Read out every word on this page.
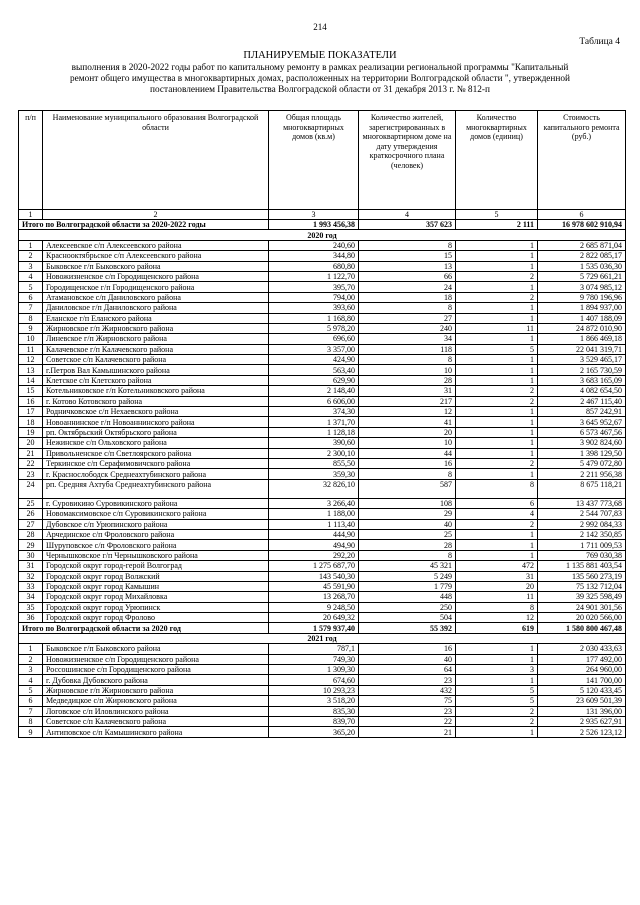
214
Таблица 4
ПЛАНИРУЕМЫЕ ПОКАЗАТЕЛИ
выполнения в 2020-2022 годы работ по капитальному ремонту в рамках реализации региональной программы "Капитальный
ремонт общего имущества в многоквартирных домах, расположенных на территории Волгоградской области ", утвержденной
постановлением Правительства Волгоградской области от 31 декабря 2013 г. № 812-п
п/п	Наименование муниципального образования Волгоградской области	Общая площадь многоквартирных домов (кв.м)	Количество жителей, зарегистрированных в многоквартирном доме на дату утверждения краткосрочного плана (человек)	Количество многоквартирных домов (единиц)	Стоимость капитального ремонта (руб.)
1	2	3	4	5	6
Итого по Волгоградской области за 2020-2022 годы		1 993 456,38	357 623	2 111	16 978 602 910,94
2020 год					
1	Алексеевское с/п Алексеевского района	240,60	8	1	2 685 871,04
2	Краснооктябрьское с/п Алексеевского района	344,80	15	1	2 822 085,17
3	Быковское г/п Быковского района	680,80	13	1	1 535 036,30
4	Новожизненское с/п Городищенского района	1 122,70	66	2	5 729 661,21
5	Городищенское г/п Городищенского района	395,70	24	1	3 074 985,12
6	Атамановское с/п Даниловского района	794,00	18	2	9 780 196,96
7	Даниловское г/п Даниловского района	393,60	8	1	1 894 937,00
8	Еланское г/п Еланского района	1 168,80	27	1	1 407 188,09
9	Жирновское г/п Жирновского района	5 978,20	240	11	24 872 010,90
10	Линевское г/п Жирновского района	696,60	34	1	1 866 469,18
11	Калачевское г/п Калачевского района	3 357,00	118	5	22 041 319,71
12	Советское с/п Калачевского района	424,90	8	1	3 529 465,17
13	г.Петров Вал Камышинского района	563,40	10	1	2 165 730,59
14	Клетское с/п Клетского района	629,90	28	1	3 683 165,09
15	Котельниковское г/п Котельниковского района	2 148,40	31	2	4 082 654,50
16	г. Котово Котовского района	6 606,00	217	2	2 467 115,40
17	Родничковское с/п Нехаевского района	374,30	12	1	857 242,91
18	Новоаннинское г/п Новоаннинского района	1 371,70	41	1	3 645 952,67
19	рп. Октябрьский Октябрьского района	1 128,18	20	1	6 573 467,56
20	Нежинское с/п Ольховского района	390,60	10	1	3 902 824,60
21	Привольненское с/п Светлоярского района	2 300,10	44	1	1 398 129,50
22	Теркинское с/п Серафимовичского района	855,50	16	2	5 479 072,80
23	г. Краснослободск Среднеахтубинского района	359,30	8	1	2 211 956,38
24	рп. Средняя Ахтуба Среднеахтубинского района	32 826,10	587	8	8 675 118,21
25	г. Суровикино Суровикинского района	3 266,40	108	6	13 437 773,68
26	Новомаксимовское с/п Суровикинского района	1 188,00	29	4	2 544 707,83
27	Дубовское с/п Урюпинского района	1 113,40	40	2	2 992 084,33
28	Арчединское с/п Фроловского района	444,90	25	1	2 142 350,85
29	Шуруповское с/п Фроловского района	494,90	28	1	1 711 009,53
30	Чернышковское г/п Чернышковского района	292,20	8	1	769 030,38
31	Городской округ город-герой Волгоград	1 275 687,70	45 321	472	1 135 881 403,54
32	Городской округ город Волжский	143 540,30	5 249	31	135 560 273,19
33	Городской округ город Камышин	45 591,90	1 779	20	75 132 712,04
34	Городской округ город Михайловка	13 268,70	448	11	39 325 598,49
35	Городской округ город Урюпинск	9 248,50	250	8	24 901 301,56
36	Городской округ город Фролово	20 649,32	504	12	20 020 566,00
Итого по Волгоградской области за 2020 год		1 579 937,40	55 392	619	1 580 800 467,48
2021 год					
1	Быковское г/п Быковского района	787,1	16	1	2 030 433,63
2	Новожизненское с/п Городищенского района	749,30	40	1	177 492,00
3	Россошинское с/п Городищенского района	1 309,30	64	3	264 960,00
4	г. Дубовка Дубовского района	674,60	23	1	141 700,00
5	Жирновское г/п Жирновского района	10 293,23	432	5	5 120 433,45
6	Медведицкое с/п Жирновского района	3 518,20	75	5	23 609 501,39
7	Логовское с/п Иловлинского района	835,30	23	2	131 396,00
8	Советское с/п Калачевского района	839,70	22	2	2 935 627,91
9	Антиповское с/п Камышинского района	365,20	21	1	2 526 123,12
